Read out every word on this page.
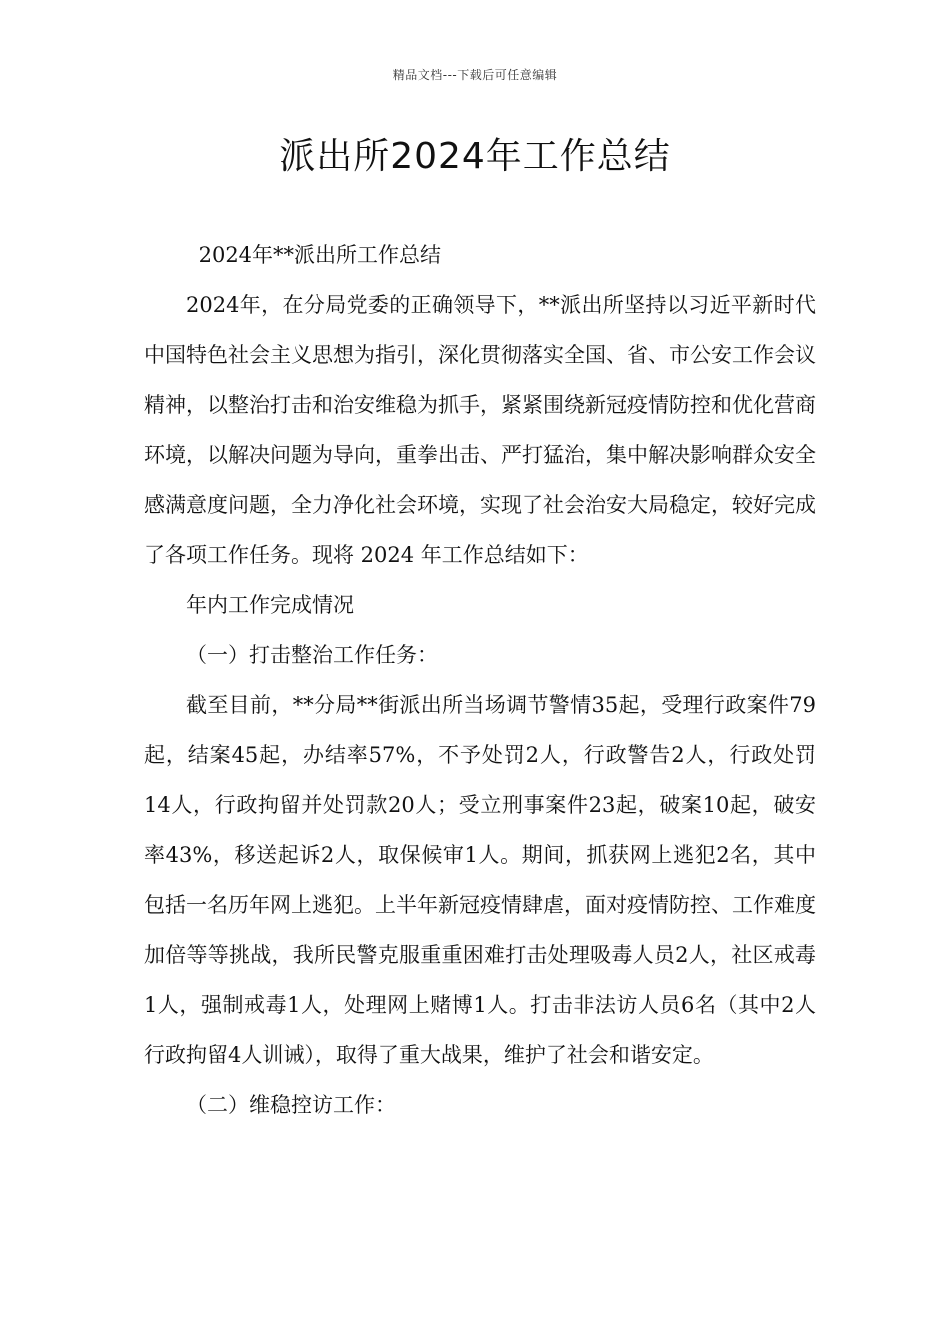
精品文档---下载后可任意编辑
派出所2024年工作总结

2024年**派出所工作总结

2024年，在分局党委的正确领导下，**派出所坚持以习近平新时代中国特色社会主义思想为指引，深化贯彻落实全国、省、市公安工作会议精神，以整治打击和治安维稳为抓手，紧紧围绕新冠疫情防控和优化营商环境，以解决问题为导向，重拳出击、严打猛治，集中解决影响群众安全感满意度问题，全力净化社会环境，实现了社会治安大局稳定，较好完成了各项工作任务。现将 2024 年工作总结如下：

年内工作完成情况

（一）打击整治工作任务：

截至目前，**分局**街派出所当场调节警情35起，受理行政案件79起，结案45起，办结率57%，不予处罚2人，行政警告2人，行政处罚14人，行政拘留并处罚款20人；受立刑事案件23起，破案10起，破安率43%，移送起诉2人，取保候审1人。期间，抓获网上逃犯2名，其中包括一名历年网上逃犯。上半年新冠疫情肆虐，面对疫情防控、工作难度加倍等等挑战，我所民警克服重重困难打击处理吸毒人员2人，社区戒毒1人，强制戒毒1人，处理网上赌博1人。打击非法访人员6名（其中2人行政拘留4人训诫），取得了重大战果，维护了社会和谐安定。

（二）维稳控访工作：
